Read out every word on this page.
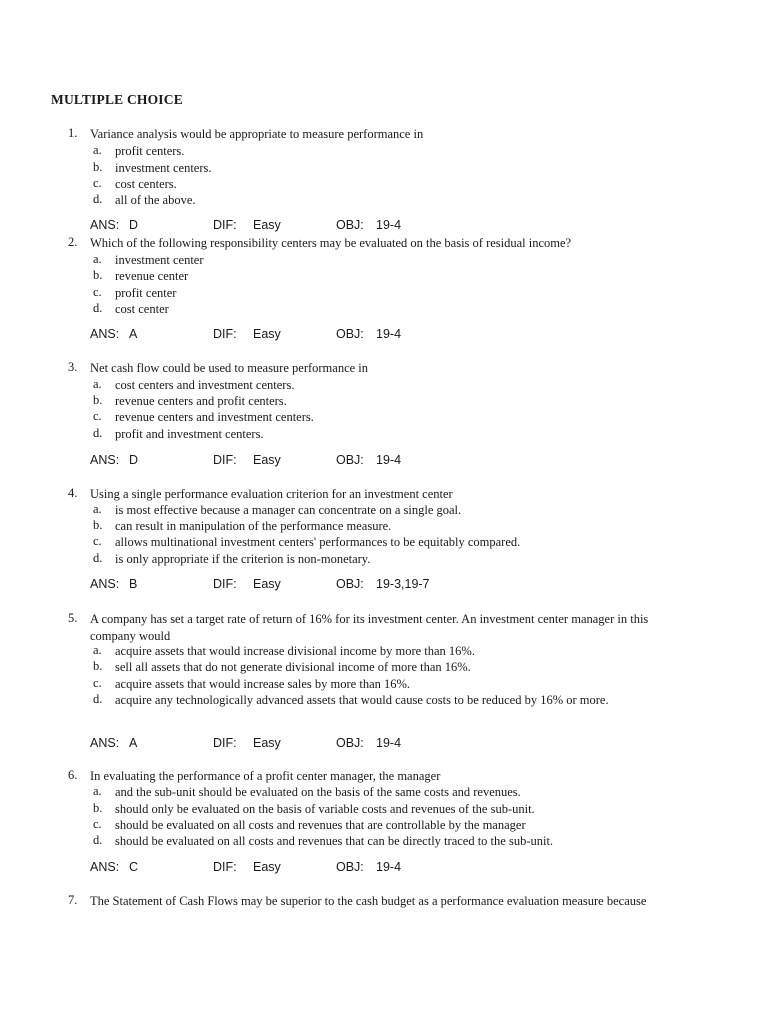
MULTIPLE CHOICE
1.	Variance analysis would be appropriate to measure performance in
a. profit centers.
b. investment centers.
c. cost centers.
d. all of the above.
ANS: D	DIF: Easy	OBJ: 19-4
2.	Which of the following responsibility centers may be evaluated on the basis of residual income?
a. investment center
b. revenue center
c. profit center
d. cost center
ANS: A	DIF: Easy	OBJ: 19-4
3.	Net cash flow could be used to measure performance in
a. cost centers and investment centers.
b. revenue centers and profit centers.
c. revenue centers and investment centers.
d. profit and investment centers.
ANS: D	DIF: Easy	OBJ: 19-4
4.	Using a single performance evaluation criterion for an investment center
a. is most effective because a manager can concentrate on a single goal.
b. can result in manipulation of the performance measure.
c. allows multinational investment centers' performances to be equitably compared.
d. is only appropriate if the criterion is non-monetary.
ANS: B	DIF: Easy	OBJ: 19-3,19-7
5.	A company has set a target rate of return of 16% for its investment center. An investment center manager in this company would
a. acquire assets that would increase divisional income by more than 16%.
b. sell all assets that do not generate divisional income of more than 16%.
c. acquire assets that would increase sales by more than 16%.
d. acquire any technologically advanced assets that would cause costs to be reduced by 16% or more.
ANS: A	DIF: Easy	OBJ: 19-4
6.	In evaluating the performance of a profit center manager, the manager
a. and the sub-unit should be evaluated on the basis of the same costs and revenues.
b. should only be evaluated on the basis of variable costs and revenues of the sub-unit.
c. should be evaluated on all costs and revenues that are controllable by the manager
d. should be evaluated on all costs and revenues that can be directly traced to the sub-unit.
ANS: C	DIF: Easy	OBJ: 19-4
7.	The Statement of Cash Flows may be superior to the cash budget as a performance evaluation measure because
